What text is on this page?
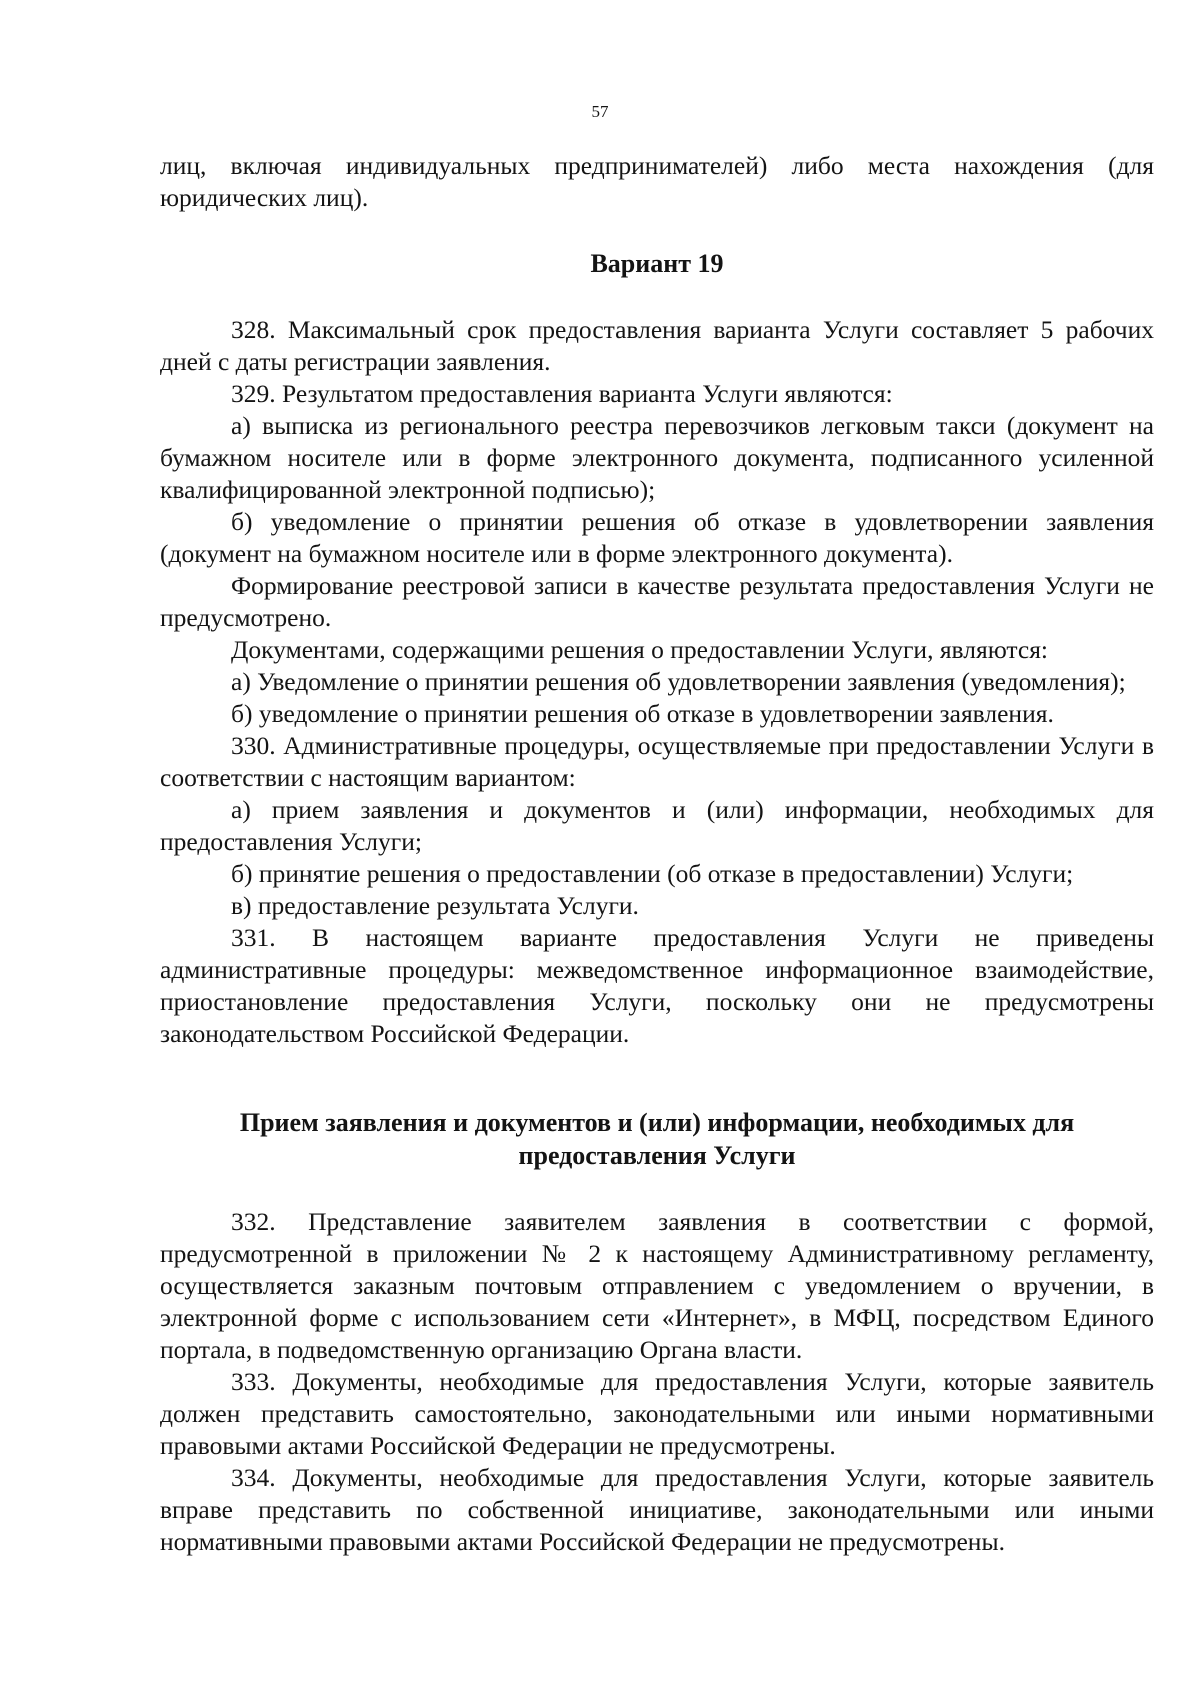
57

лиц, включая индивидуальных предпринимателей) либо места нахождения (для юридических лиц).

Вариант 19

328. Максимальный срок предоставления варианта Услуги составляет 5 рабочих дней с даты регистрации заявления.

329. Результатом предоставления варианта Услуги являются:

а) выписка из регионального реестра перевозчиков легковым такси (документ на бумажном носителе или в форме электронного документа, подписанного усиленной квалифицированной электронной подписью);

б) уведомление о принятии решения об отказе в удовлетворении заявления (документ на бумажном носителе или в форме электронного документа).

Формирование реестровой записи в качестве результата предоставления Услуги не предусмотрено.

Документами, содержащими решения о предоставлении Услуги, являются:

а) Уведомление о принятии решения об удовлетворении заявления (уведомления);

б) уведомление о принятии решения об отказе в удовлетворении заявления.

330. Административные процедуры, осуществляемые при предоставлении Услуги в соответствии с настоящим вариантом:

а) прием заявления и документов и (или) информации, необходимых для предоставления Услуги;

б) принятие решения о предоставлении (об отказе в предоставлении) Услуги;

в) предоставление результата Услуги.

331. В настоящем варианте предоставления Услуги не приведены административные процедуры: межведомственное информационное взаимодействие, приостановление предоставления Услуги, поскольку они не предусмотрены законодательством Российской Федерации.

Прием заявления и документов и (или) информации, необходимых для предоставления Услуги

332. Представление заявителем заявления в соответствии с формой, предусмотренной в приложении № 2 к настоящему Административному регламенту, осуществляется заказным почтовым отправлением с уведомлением о вручении, в электронной форме с использованием сети «Интернет», в МФЦ, посредством Единого портала, в подведомственную организацию Органа власти.

333. Документы, необходимые для предоставления Услуги, которые заявитель должен представить самостоятельно, законодательными или иными нормативными правовыми актами Российской Федерации не предусмотрены.

334. Документы, необходимые для предоставления Услуги, которые заявитель вправе представить по собственной инициативе, законодательными или иными нормативными правовыми актами Российской Федерации не предусмотрены.
